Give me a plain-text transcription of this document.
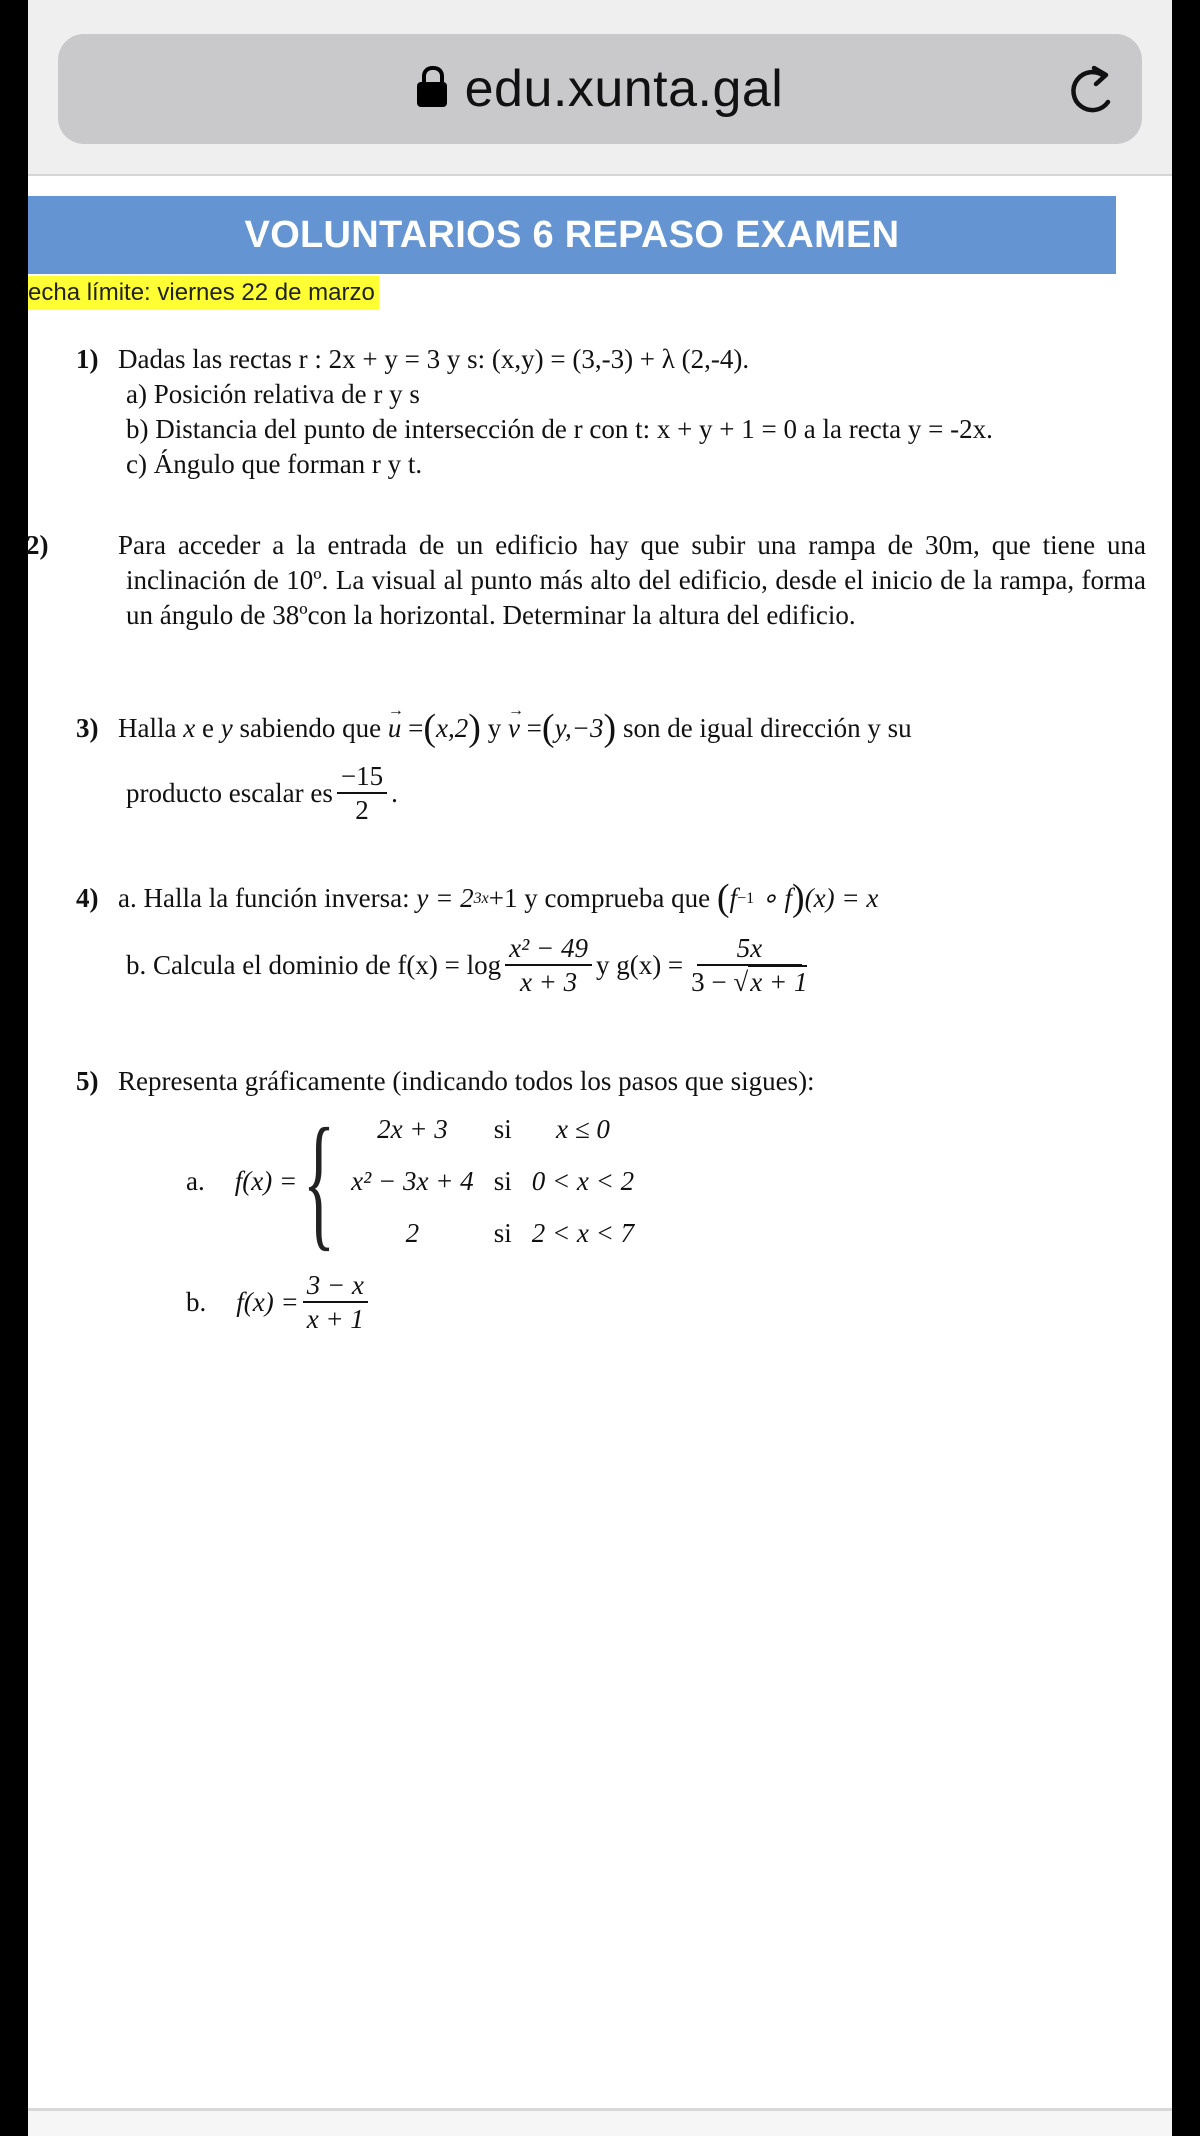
edu.xunta.gal
VOLUNTARIOS 6 REPASO EXAMEN
echa límite: viernes 22 de marzo
1) Dadas las rectas r : 2x + y = 3 y s: (x,y) = (3,-3) + λ (2,-4).
a) Posición relativa de r y s
b) Distancia del punto de intersección de r con t: x + y + 1 = 0 a la recta y = -2x.
c) Ángulo que forman r y t.
2)	Para acceder a la entrada de un edificio hay que subir una rampa de 30m, que tiene una inclinación de 10º. La visual al punto más alto del edificio, desde el inicio de la rampa, forma un ángulo de 38ºcon la horizontal. Determinar la altura del edificio.
3) Halla
x
e
y
sabiendo que
→ u = ( x,2 )
y
→ v = ( y,−3 )
son de igual dirección y su
producto escalar es $\frac{-15}{2}$ .
4) a. Halla la función inversa:
y = 2 3x +1
y comprueba que
( f −1
∘ f ) (x) = x
b. Calcula el dominio de
$f(x) = \log \frac{\text{x² − 49}}{x + 3}$ y
$g(x) = \frac{5x}{3 - √x + 1}$
5) Representa gráficamente (indicando todos los pasos que sigues):
a. f(x) = { 2x + 3	si	x ≤ 0
x² − 3x + 4	si	0 < x < 2
2	si	2 < x < 7
b. $f(x) = \frac{3 - x}{x + 1}$
